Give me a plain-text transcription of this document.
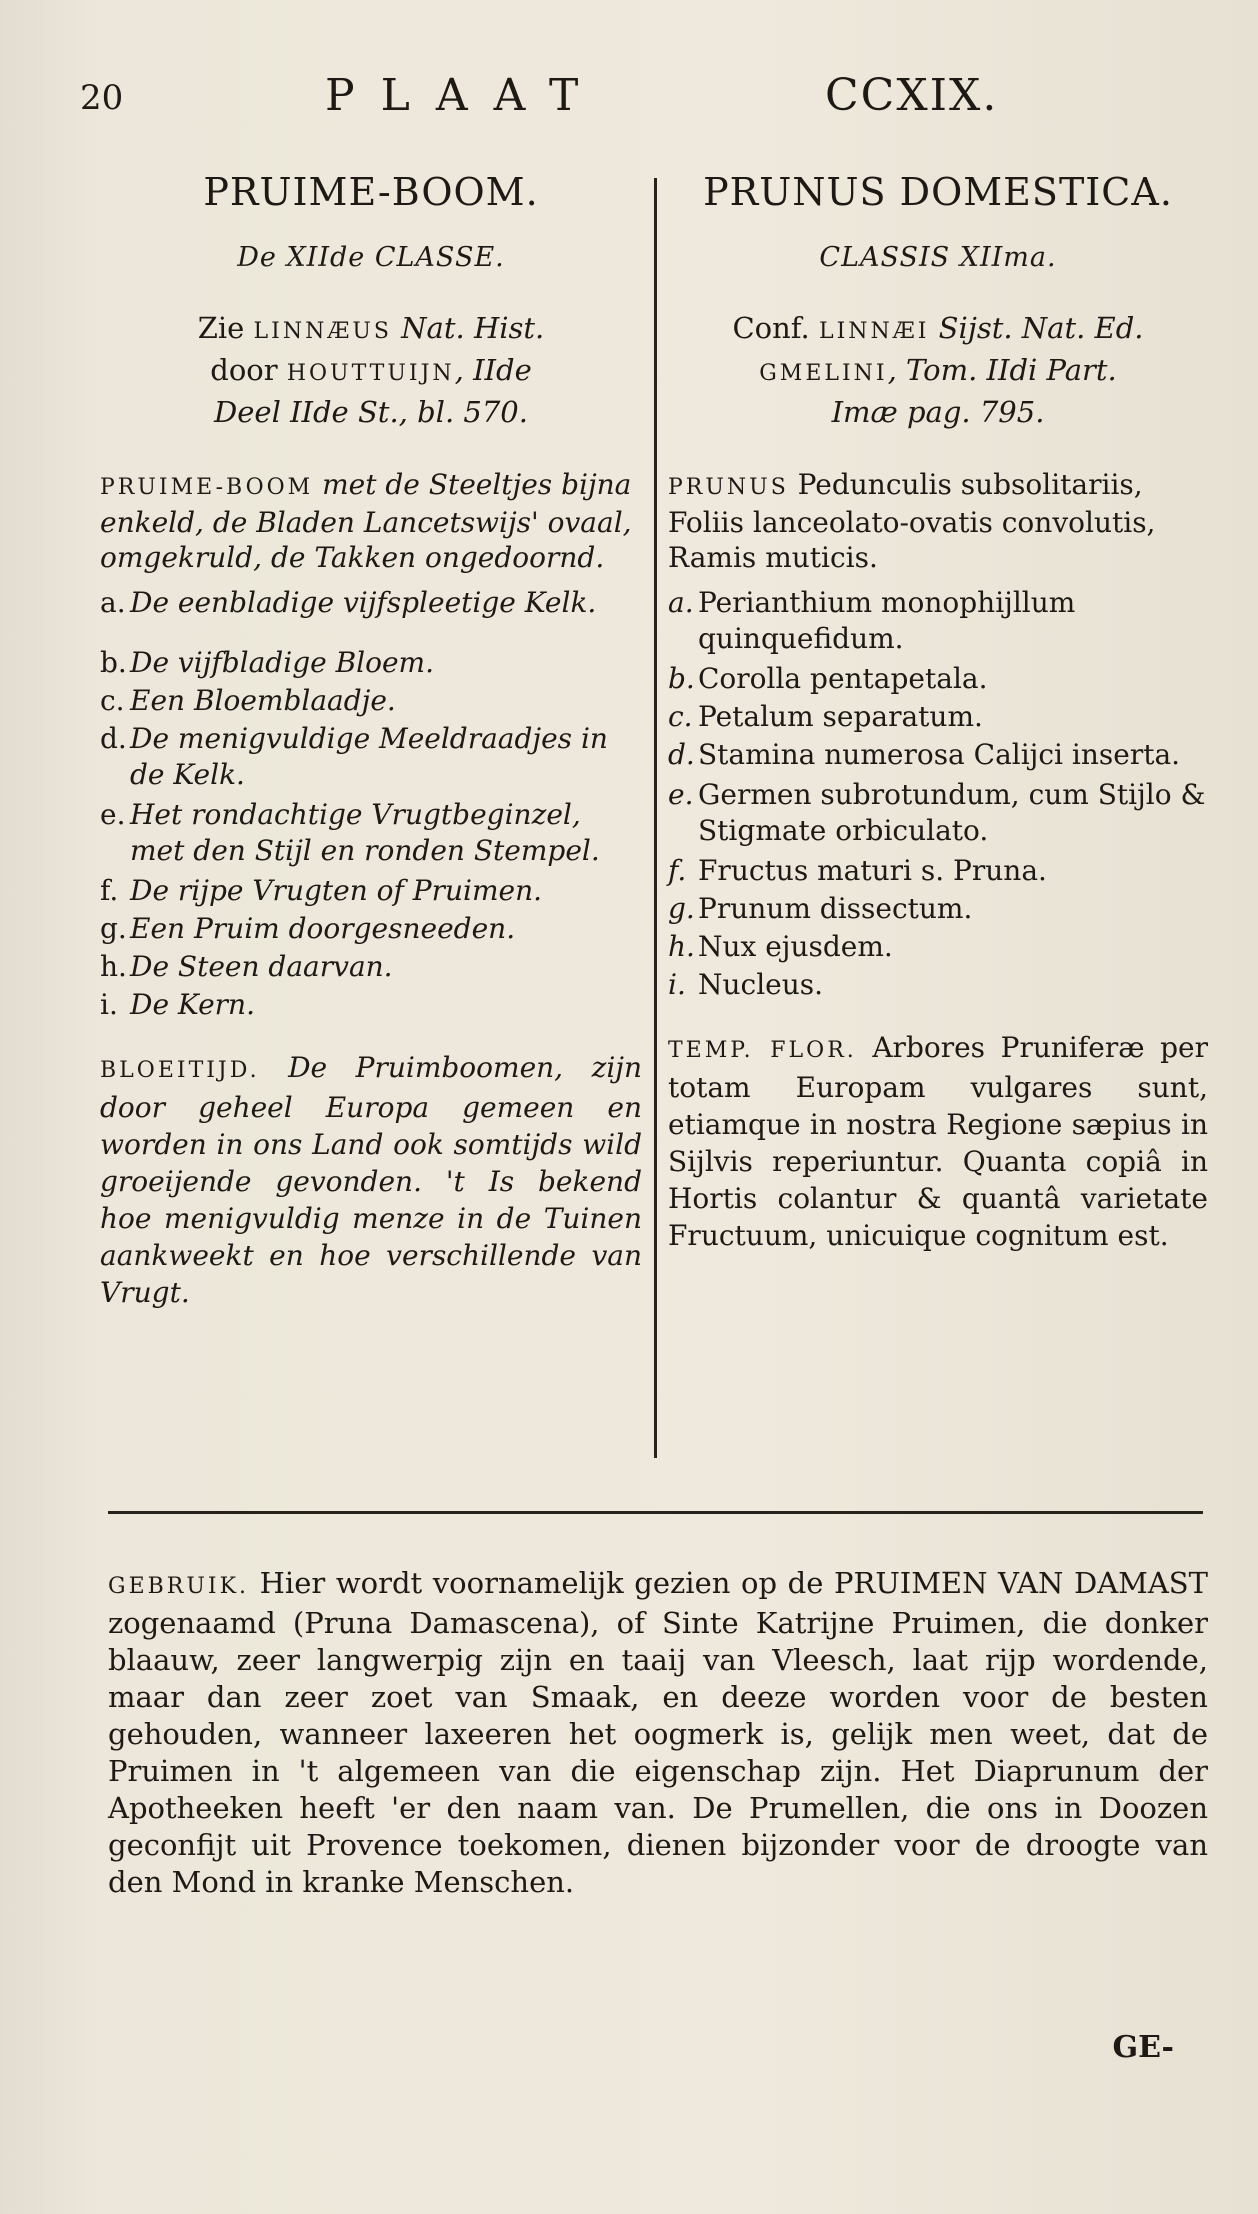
20	PLAAT	CCXIX.
PRUIME-BOOM.
De XIIde CLASSE.
Zie LINNÆUS Nat. Hist.
door HOUTTUIJN, IIde
Deel IIde St., bl. 570.
PRUIME-BOOM met de Steeltjes bijna enkeld, de Bladen Lancetswijs' ovaal, omgekruld, de Takken ongedoornd.
a. De eenbladige vijfspleetige Kelk.
b. De vijfbladige Bloem.
c. Een Bloemblaadje.
d. De menigvuldige Meeldraadjes in de Kelk.
e. Het rondachtige Vrugtbeginzel, met den Stijl en ronden Stempel.
f. De rijpe Vrugten of Pruimen.
g. Een Pruim doorgesneeden.
h. De Steen daarvan.
i. De Kern.
BLOEITIJD. De Pruimboomen, zijn door geheel Europa gemeen en worden in ons Land ook somtijds wild groeijende gevonden. 't Is bekend hoe menigvuldig menze in de Tuinen aankweekt en hoe verschillende van Vrugt.
PRUNUS DOMESTICA.
CLASSIS XIIma.
Conf. LINNÆI Sijst. Nat. Ed.
GMELINI, Tom. IIdi Part.
Imæ pag. 795.
PRUNUS Pedunculis subsolitariis, Foliis lanceolato-ovatis convolutis, Ramis muticis.
a. Perianthium monophijllum quinquefidum.
b. Corolla pentapetala.
c. Petalum separatum.
d. Stamina numerosa Calijci inserta.
e. Germen subrotundum, cum Stijlo & Stigmate orbiculato.
f. Fructus maturi s. Pruna.
g. Prunum dissectum.
h. Nux ejusdem.
i. Nucleus.
TEMP. FLOR. Arbores Pruniferæ per totam Europam vulgares sunt, etiamque in nostra Regione sæpius in Sijlvis reperiuntur. Quanta copiâ in Hortis colantur & quantâ varietate Fructuum, unicuique cognitum est.
GEBRUIK. Hier wordt voornamelijk gezien op de PRUIMEN VAN DAMAST zogenaamd (Pruna Damascena), of Sinte Katrijne Pruimen, die donker blaauw, zeer langwerpig zijn en taaij van Vleesch, laat rijp wordende, maar dan zeer zoet van Smaak, en deeze worden voor de besten gehouden, wanneer laxeeren het oogmerk is, gelijk men weet, dat de Pruimen in 't algemeen van die eigenschap zijn. Het Diaprunum der Apotheeken heeft 'er den naam van. De Prumellen, die ons in Doozen geconfijt uit Provence toekomen, dienen bijzonder voor de droogte van den Mond in kranke Menschen.
GE-
